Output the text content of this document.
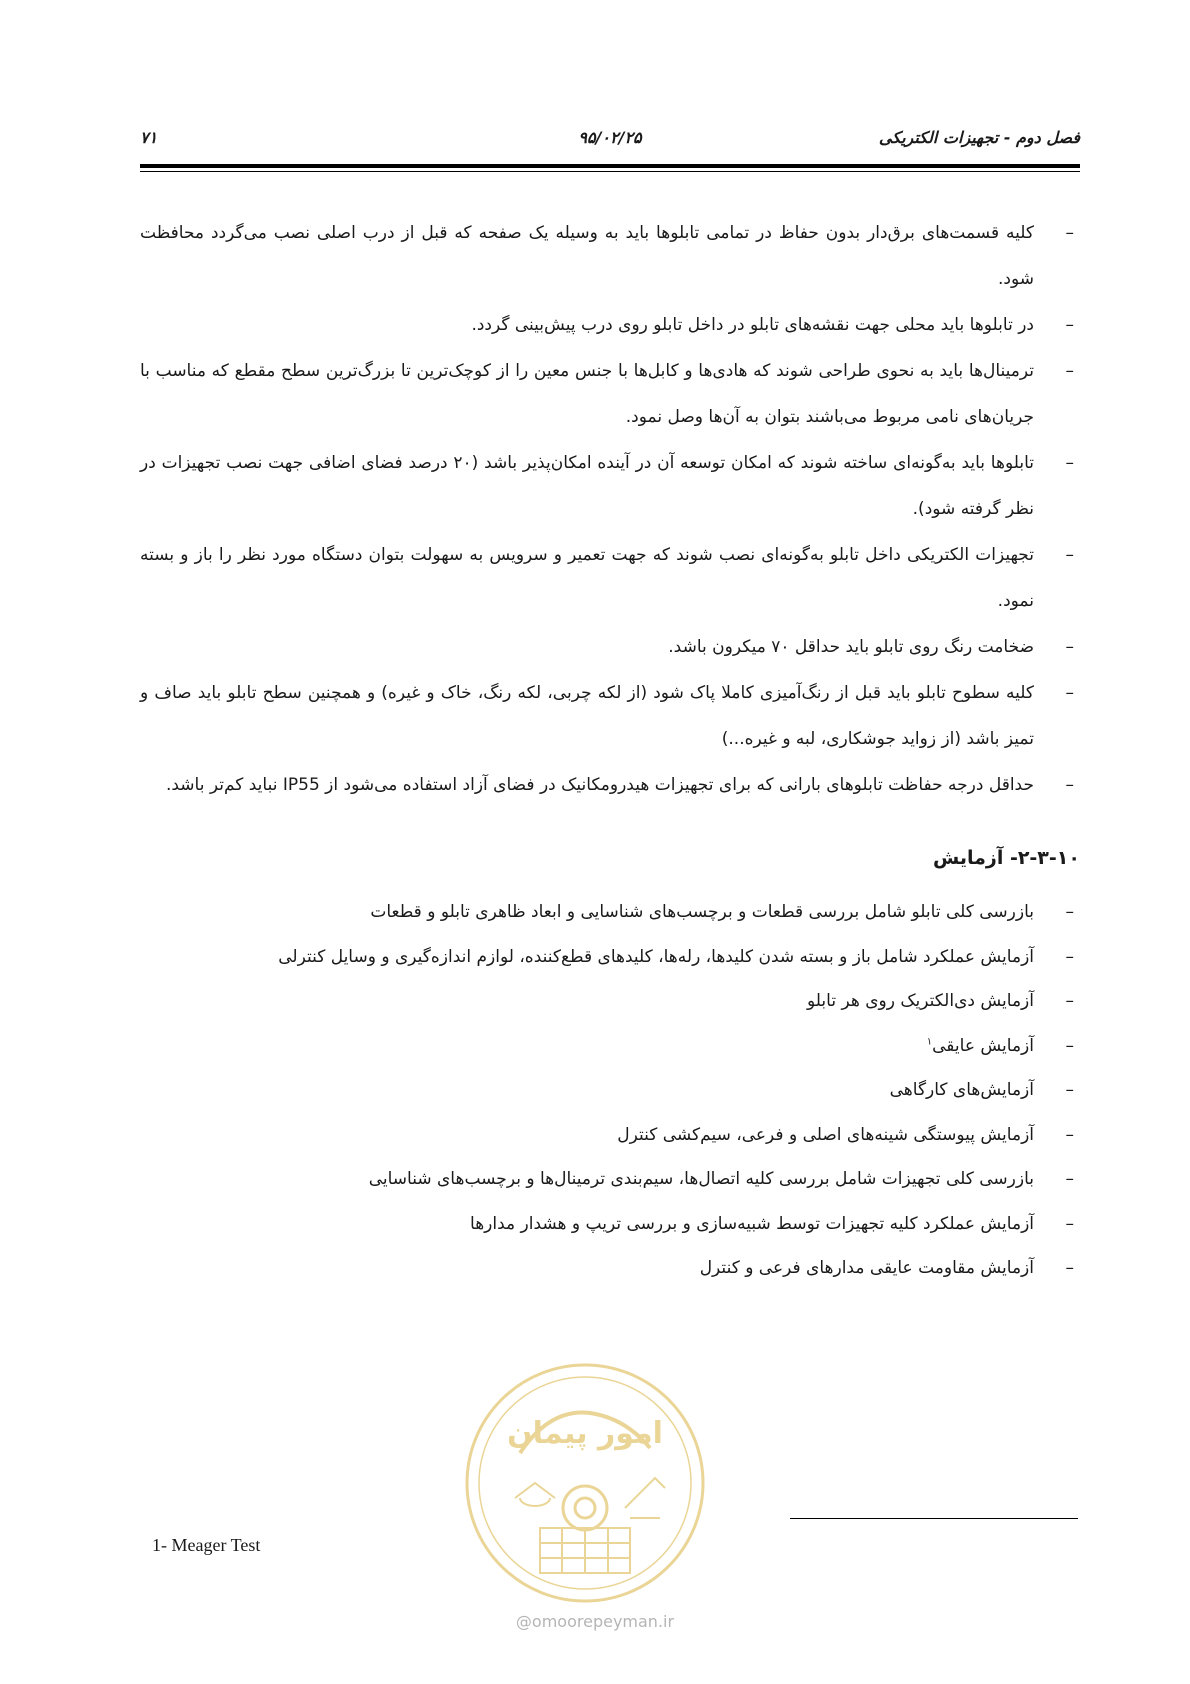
فصل دوم - تجهیزات الکتریکی
۹۵/۰۲/۲۵
۷۱
–
کلیه قسمت‌های برق‌دار بدون حفاظ در تمامی تابلوها باید به وسیله یک صفحه که قبل از درب اصلی نصب می‌گردد محافظت شود.
–
در تابلوها باید محلی جهت نقشه‌های تابلو در داخل تابلو روی درب پیش‌بینی گردد.
–
ترمینال‌ها باید به نحوی طراحی شوند که هادی‌ها و کابل‌ها با جنس معین را از کوچک‌ترین تا بزرگ‌ترین سطح مقطع که مناسب با جریان‌های نامی مربوط می‌باشند بتوان به آن‌ها وصل نمود.
–
تابلوها باید به‌گونه‌ای ساخته شوند که امکان توسعه آن در آینده امکان‌پذیر باشد (۲۰ درصد فضای اضافی جهت نصب تجهیزات در نظر گرفته شود).
–
تجهیزات الکتریکی داخل تابلو به‌گونه‌ای نصب شوند که جهت تعمیر و سرویس به سهولت بتوان دستگاه مورد نظر را باز و بسته نمود.
–
ضخامت رنگ روی تابلو باید حداقل ۷۰ میکرون باشد.
–
کلیه سطوح تابلو باید قبل از رنگ‌آمیزی کاملا پاک شود (از لکه چربی، لکه رنگ، خاک و غیره) و همچنین سطح تابلو باید صاف و تمیز باشد (از زواید جوشکاری، لبه و غیره...)
–
حداقل درجه حفاظت تابلوهای بارانی که برای تجهیزات هیدرومکانیک در فضای آزاد استفاده می‌شود از IP55 نباید کم‌تر باشد.
۲-۳-۱۰- آزمایش
–
بازرسی کلی تابلو شامل بررسی قطعات و برچسب‌های شناسایی و ابعاد ظاهری تابلو و قطعات
–
آزمایش عملکرد شامل باز و بسته شدن کلیدها، رله‌ها، کلیدهای قطع‌کننده، لوازم اندازه‌گیری و وسایل کنترلی
–
آزمایش دی‌الکتریک روی هر تابلو
–
آزمایش عایقی$^۱$
–
آزمایش‌های کارگاهی
–
آزمایش پیوستگی شینه‌های اصلی و فرعی، سیم‌کشی کنترل
–
بازرسی کلی تجهیزات شامل بررسی کلیه اتصال‌ها، سیم‌بندی ترمینال‌ها و برچسب‌های شناسایی
–
آزمایش عملکرد کلیه تجهیزات توسط شبیه‌سازی و بررسی تریپ و هشدار مدارها
–
آزمایش مقاومت عایقی مدارهای فرعی و کنترل
امور پیمان
@omoorepeyman.ir
1- Meager Test
